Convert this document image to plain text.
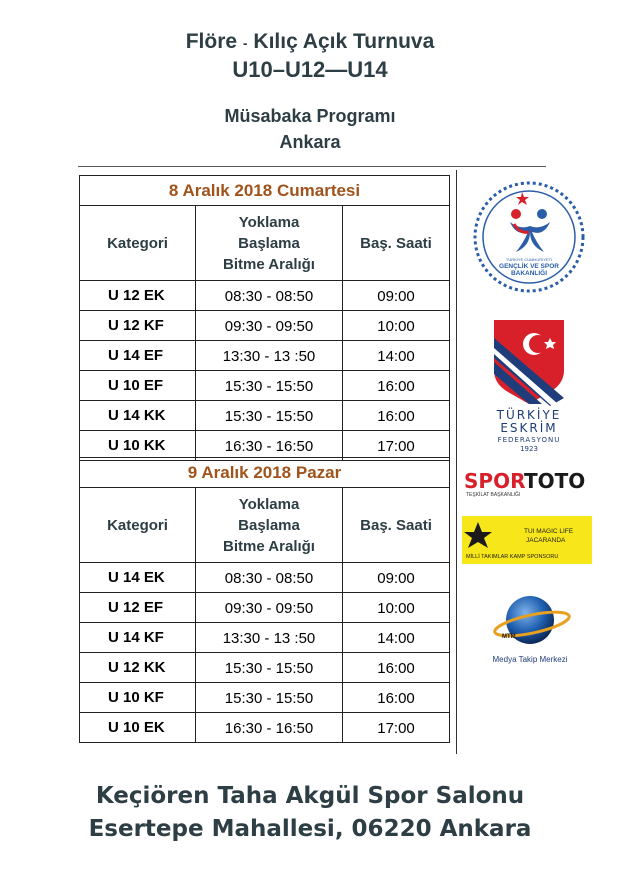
Flöre - Kılıç Açık Turnuva
U10–U12—U14
Müsabaka Programı
Ankara
8 Aralık 2018 Cumartesi		
Kategori	Yoklama
Başlama
Bitme Aralığı	Baş. Saati
U 12 EK	08:30 - 08:50	09:00
U 12 KF	09:30 - 09:50	10:00
U 14 EF	13:30 - 13 :50	14:00
U 10 EF	15:30 - 15:50	16:00
U 14 KK	15:30 - 15:50	16:00
U 10 KK	16:30 - 16:50	17:00
9 Aralık 2018 Pazar		
Kategori	Yoklama
Başlama
Bitme Aralığı	Baş. Saati
U 14 EK	08:30 - 08:50	09:00
U 12 EF	09:30 - 09:50	10:00
U 14 KF	13:30 - 13 :50	14:00
U 12 KK	15:30 - 15:50	16:00
U 10 KF	15:30 - 15:50	16:00
U 10 EK	16:30 - 16:50	17:00
TÜRKİYE CUMHURİYETİ
GENÇLİK VE SPOR
BAKANLIĞI
TÜRKİYE
ESKRİM
FEDERASYONU
1923
SPOR
TOTO
TEŞKİLAT BAŞKANLIĞI
TUI MAGIC LIFE
JACARANDA
MİLLİ TAKIMLAR KAMP SPONSORU
MTM
Medya Takip Merkezi
Keçiören Taha Akgül Spor Salonu
Esertepe Mahallesi, 06220 Ankara
